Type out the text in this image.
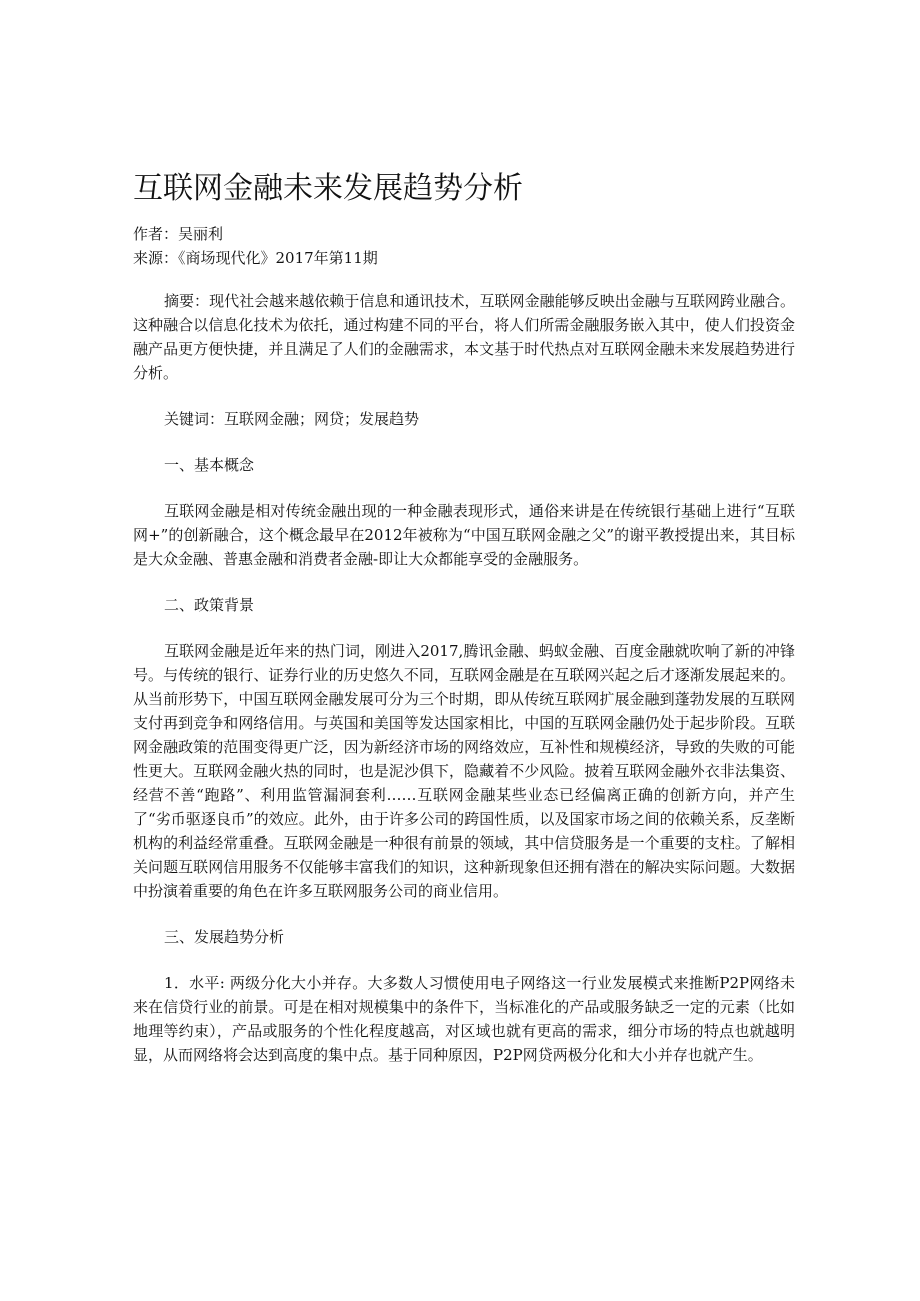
互联网金融未来发展趋势分析
作者：吴丽利
来源：《商场现代化》2017年第11期

摘要：现代社会越来越依赖于信息和通讯技术，互联网金融能够反映出金融与互联网跨业融合。这种融合以信息化技术为依托，通过构建不同的平台，将人们所需金融服务嵌入其中，使人们投资金融产品更方便快捷，并且满足了人们的金融需求，本文基于时代热点对互联网金融未来发展趋势进行分析。

关键词：互联网金融；网贷；发展趋势

一、基本概念

互联网金融是相对传统金融出现的一种金融表现形式，通俗来讲是在传统银行基础上进行“互联网+”的创新融合，这个概念最早在2012年被称为“中国互联网金融之父”的谢平教授提出来，其目标是大众金融、普惠金融和消费者金融-即让大众都能享受的金融服务。

二、政策背景

互联网金融是近年来的热门词，刚进入2017,腾讯金融、蚂蚁金融、百度金融就吹响了新的冲锋号。与传统的银行、证券行业的历史悠久不同，互联网金融是在互联网兴起之后才逐渐发展起来的。从当前形势下，中国互联网金融发展可分为三个时期，即从传统互联网扩展金融到蓬勃发展的互联网支付再到竞争和网络信用。与英国和美国等发达国家相比，中国的互联网金融仍处于起步阶段。互联网金融政策的范围变得更广泛，因为新经济市场的网络效应，互补性和规模经济，导致的失败的可能性更大。互联网金融火热的同时，也是泥沙俱下，隐藏着不少风险。披着互联网金融外衣非法集资、经营不善“跑路”、利用监管漏洞套利……互联网金融某些业态已经偏离正确的创新方向，并产生了“劣币驱逐良币”的效应。此外，由于许多公司的跨国性质，以及国家市场之间的依赖关系，反垄断机构的利益经常重叠。互联网金融是一种很有前景的领域，其中信贷服务是一个重要的支柱。了解相关问题互联网信用服务不仅能够丰富我们的知识，这种新现象但还拥有潜在的解决实际问题。大数据中扮演着重要的角色在许多互联网服务公司的商业信用。

三、发展趋势分析

1．水平: 两级分化大小并存。大多数人习惯使用电子网络这一行业发展模式来推断P2P网络未来在信贷行业的前景。可是在相对规模集中的条件下，当标准化的产品或服务缺乏一定的元素（比如地理等约束），产品或服务的个性化程度越高，对区域也就有更高的需求，细分市场的特点也就越明显，从而网络将会达到高度的集中点。基于同种原因，P2P网贷两极分化和大小并存也就产生。
